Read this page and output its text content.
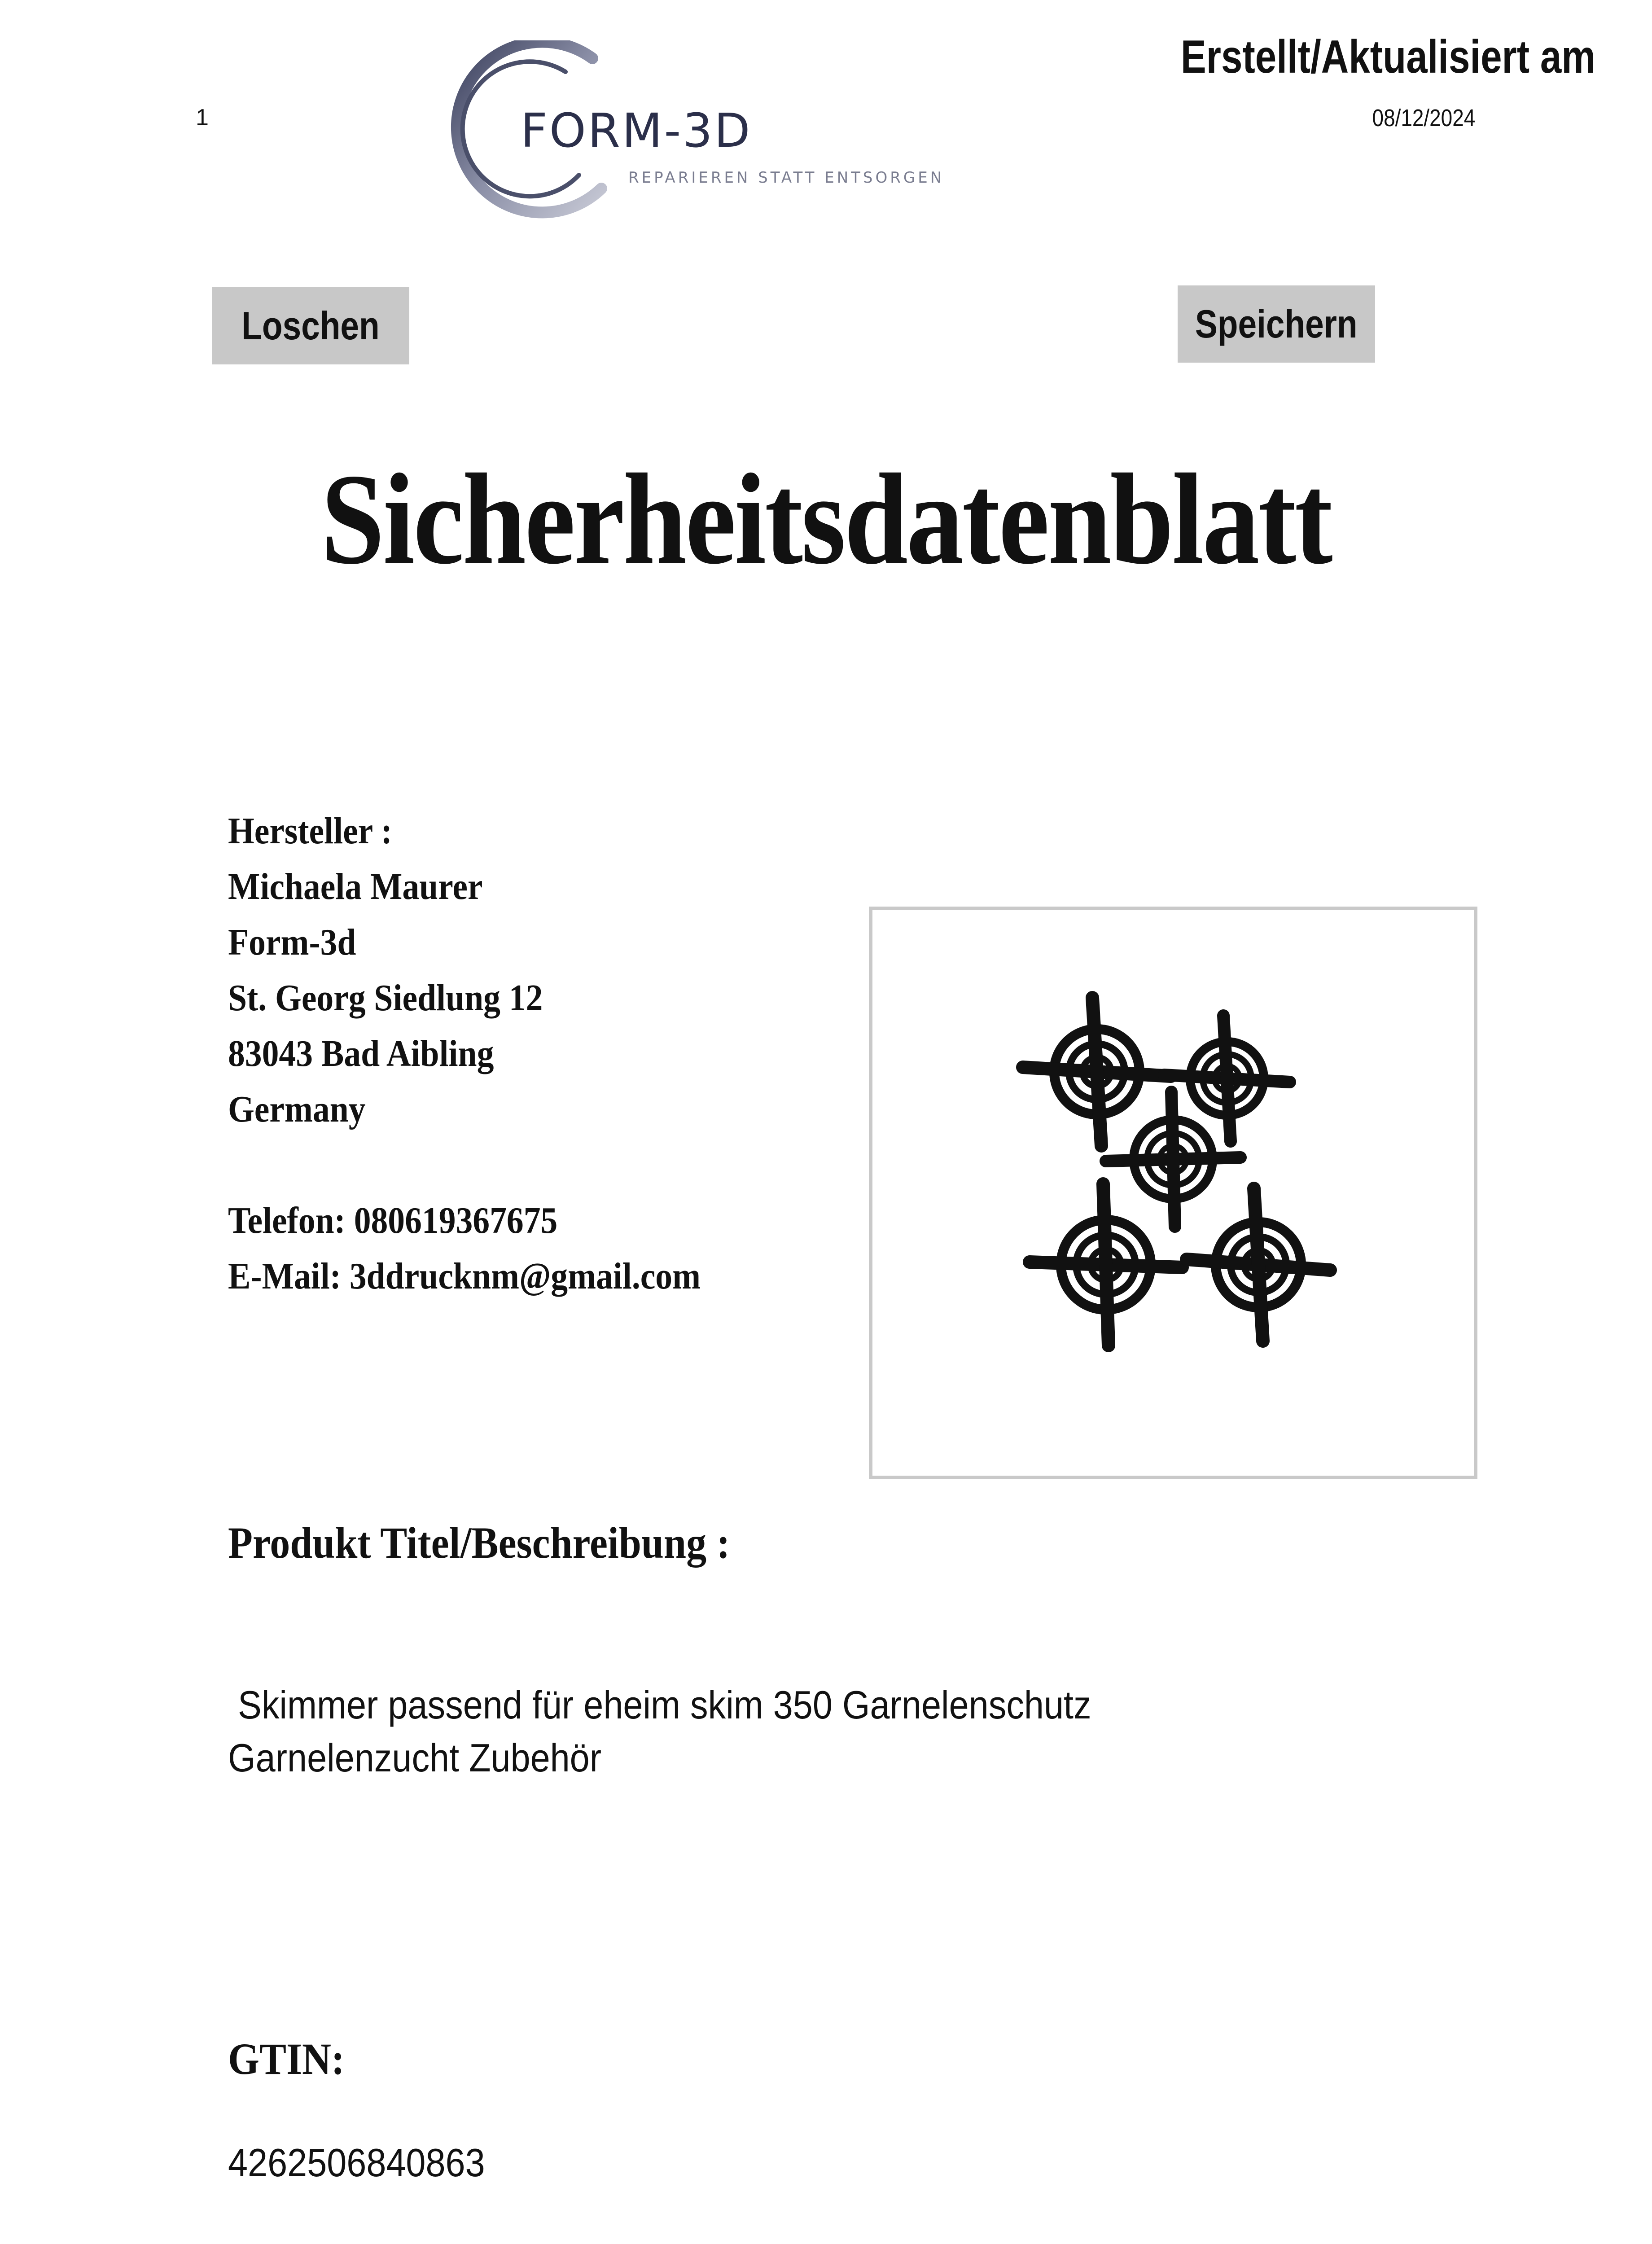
1	FORM-3D
REPARIEREN STATT ENTSORGEN
Erstellt/Aktualisiert am
08/12/2024
Loschen	Speichern
Sicherheitsdatenblatt
Hersteller :
Michaela Maurer
Form-3d
St. Georg Siedlung 12
83043 Bad Aibling
Germany
Telefon: 080619367675
E-Mail: 3ddrucknm@gmail.com
Produkt Titel/Beschreibung :
Skimmer passend für eheim skim 350 Garnelenschutz Garnelenzucht Zubehör
GTIN:
4262506840863
